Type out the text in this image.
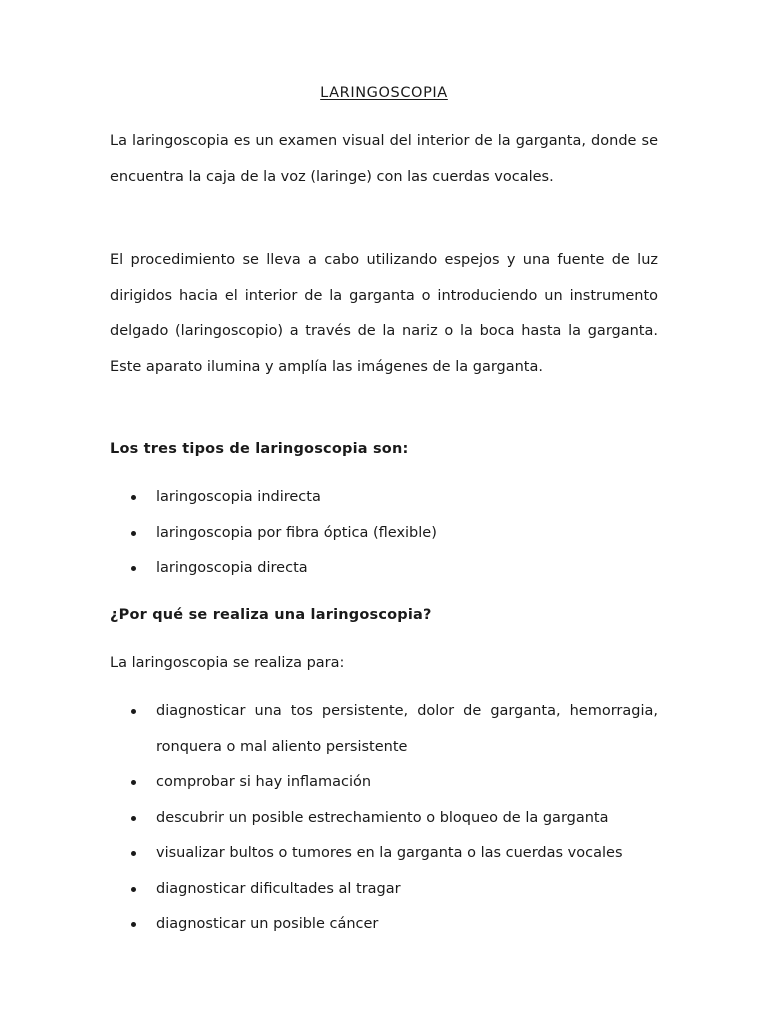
LARINGOSCOPIA

La laringoscopia es un examen visual del interior de la garganta, donde se encuentra la caja de la voz (laringe) con las cuerdas vocales.

El procedimiento se lleva a cabo utilizando espejos y una fuente de luz dirigidos hacia el interior de la garganta o introduciendo un instrumento delgado (laringoscopio) a través de la nariz o la boca hasta la garganta. Este aparato ilumina y amplía las imágenes de la garganta.

Los tres tipos de laringoscopia son:

laringoscopia indirecta
laringoscopia por fibra óptica (flexible)
laringoscopia directa

¿Por qué se realiza una laringoscopia?

La laringoscopia se realiza para:

diagnosticar una tos persistente, dolor de garganta, hemorragia, ronquera o mal aliento persistente
comprobar si hay inflamación
descubrir un posible estrechamiento o bloqueo de la garganta
visualizar bultos o tumores en la garganta o las cuerdas vocales
diagnosticar dificultades al tragar
diagnosticar un posible cáncer
